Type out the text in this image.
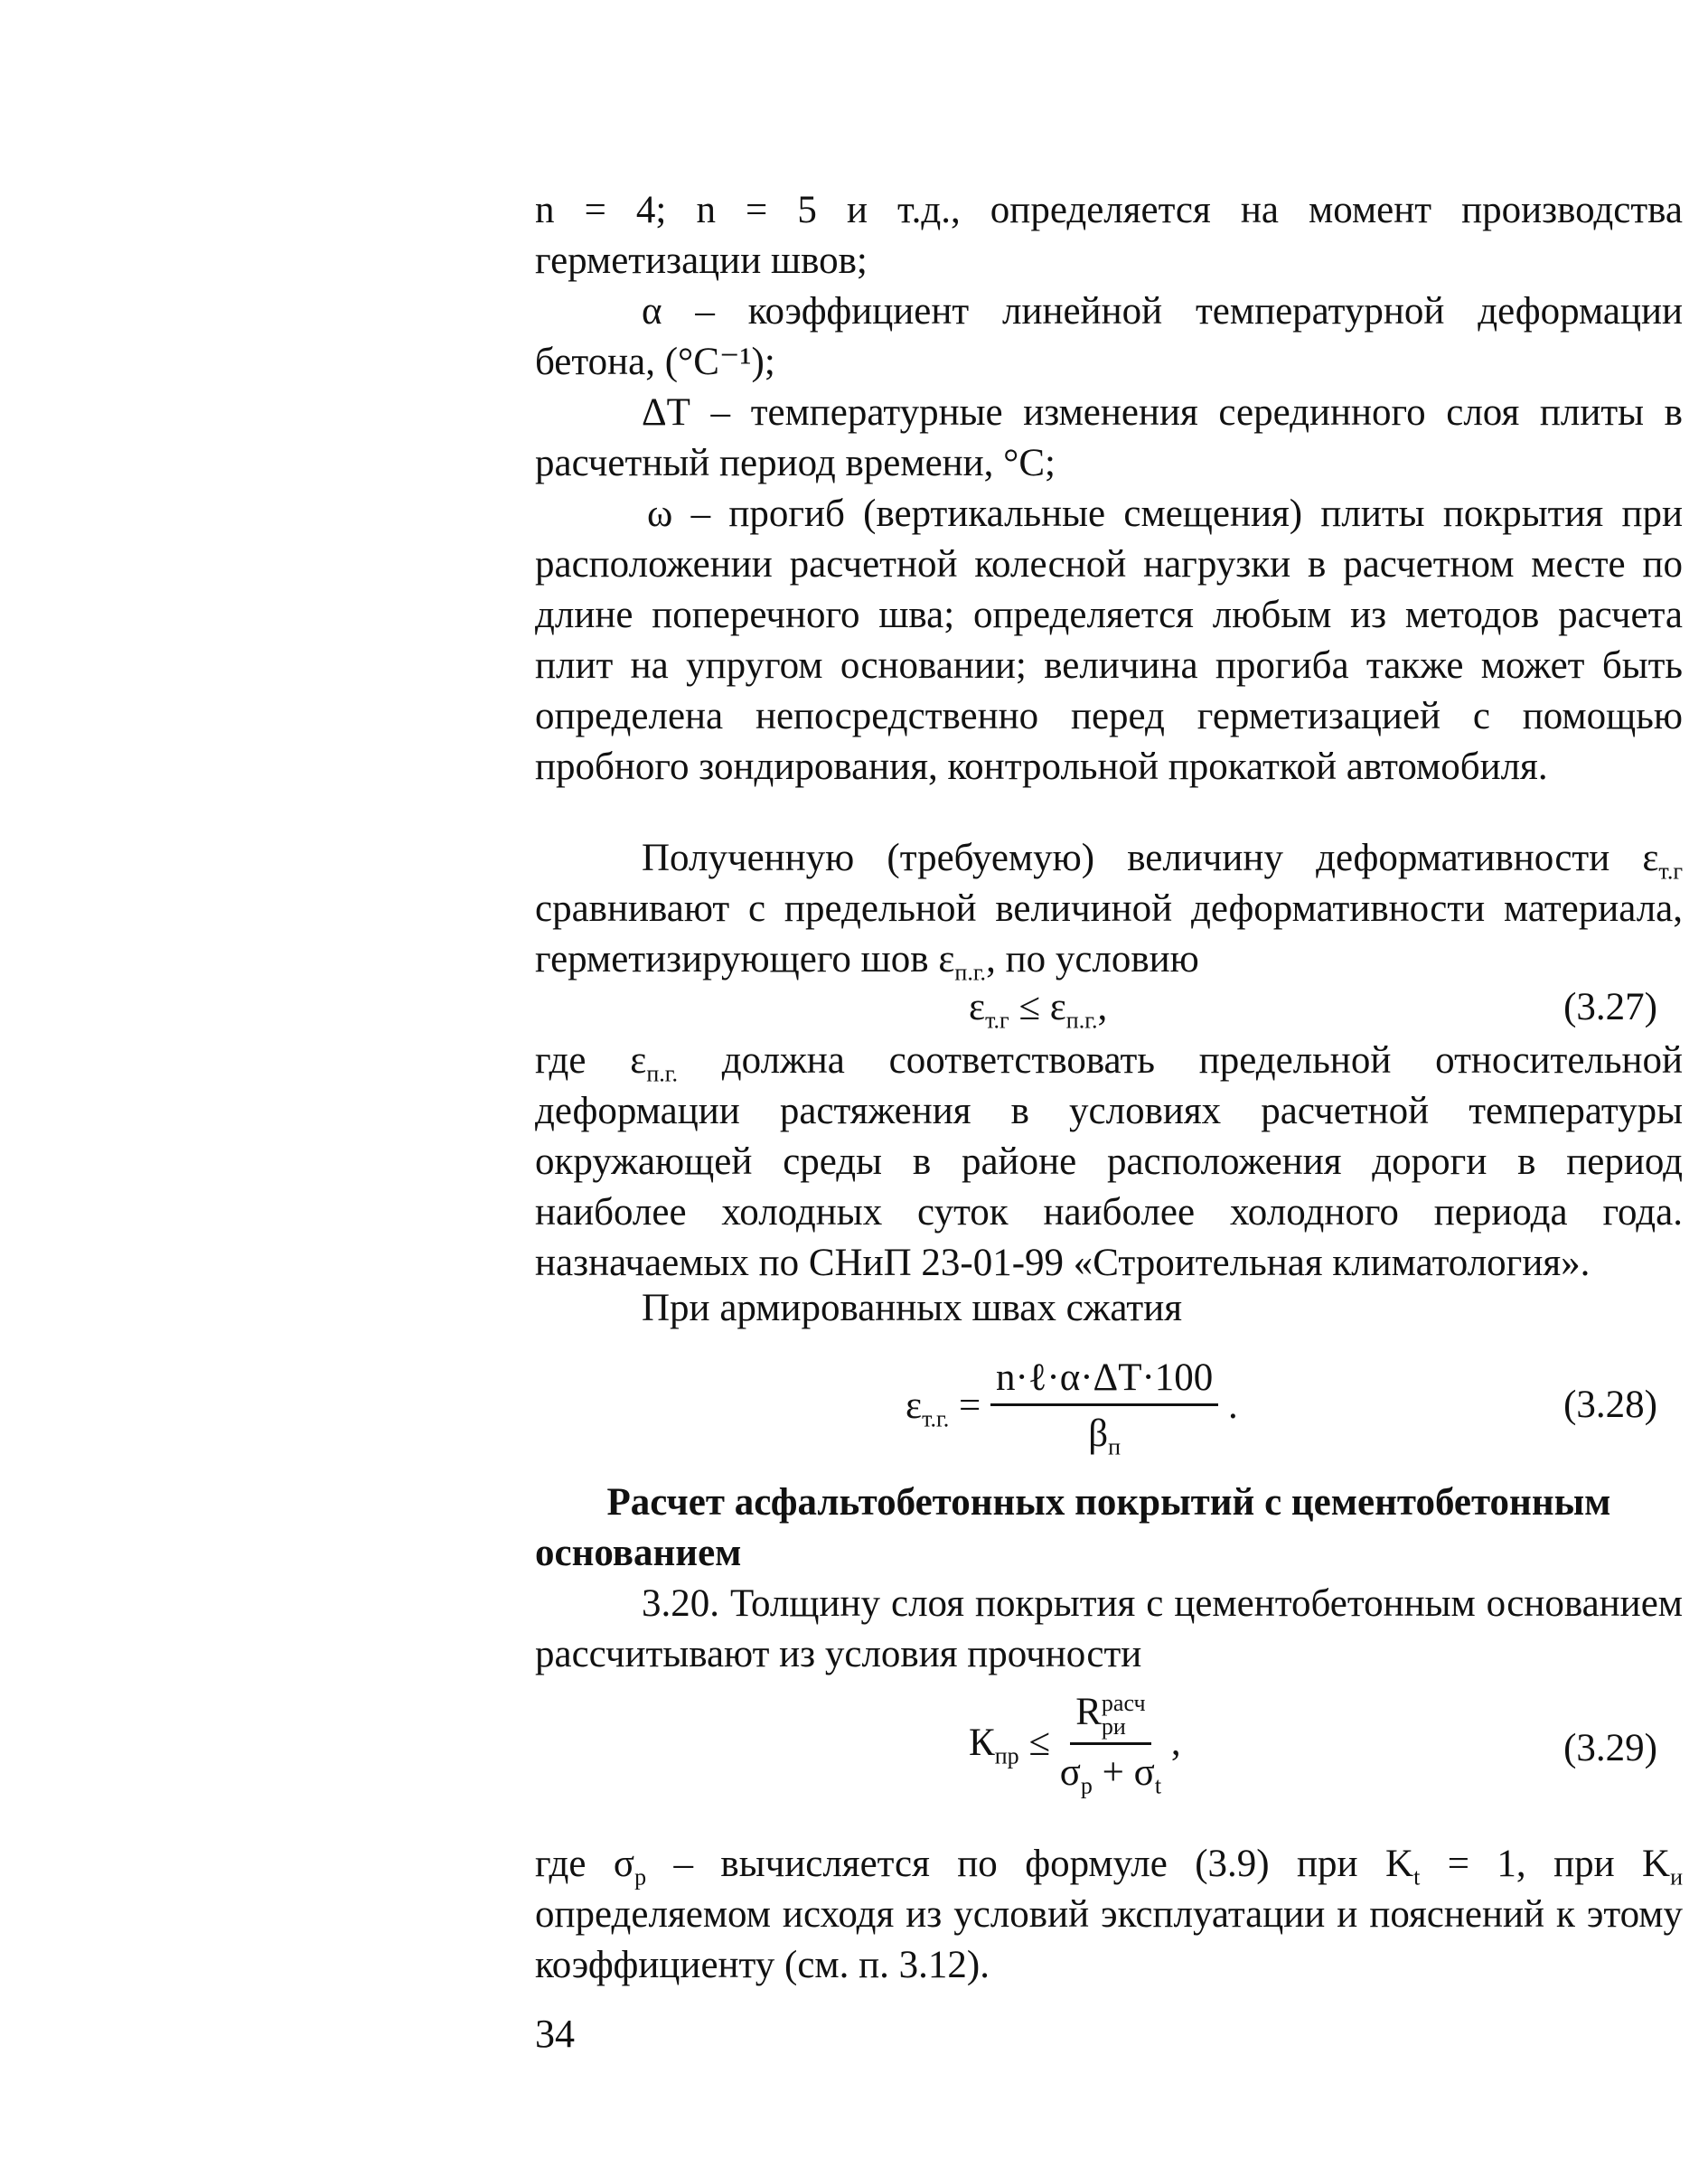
n = 4; n = 5 и т.д., определяется на момент производства герметизации швов;

α – коэффициент линейной температурной деформации бетона, (°С⁻¹);

ΔТ – температурные изменения серединного слоя плиты в расчетный период времени, °С;

ω – прогиб (вертикальные смещения) плиты покрытия при расположении расчетной колесной нагрузки в расчетном месте по длине поперечного шва; определяется любым из методов расчета плит на упругом основании; величина прогиба также может быть определена непосредственно перед герметизацией с помощью пробного зондирования, контрольной прокаткой автомобиля.

Полученную (требуемую) величину деформативности $\varepsilon_{т.г}$ сравнивают с предельной величиной деформативности материала, герметизирующего шов $\varepsilon_{п.г.}$, по условию

$\varepsilon_{т.г} \le \varepsilon_{п.г.}$,	(3.27)

где $\varepsilon_{п.г.}$ должна соответствовать предельной относительной деформации растяжения в условиях расчетной температуры окружающей среды в районе расположения дороги в период наиболее холодных суток наиболее холодного периода года. назначаемых по СНиП 23-01-99 «Строительная климатология».

При армированных швах сжатия

$\varepsilon_{т.г.} = \frac{\text{n·ℓ·α·ΔТ·100}}{\beta_п}$ .	(3.28)

Расчет асфальтобетонных покрытий с цементобетонным основанием

3.20. Толщину слоя покрытия с цементобетонным основанием рассчитывают из условия прочности

$К_{пр} \le R$ расч
ри
$\sigma_р + \sigma_t$ ,	(3.29)

где $\sigma_р$ – вычисляется по формуле (3.9) при $K_t = 1$, при $K_и$ определяемом исходя из условий эксплуатации и пояснений к этому коэффициенту (см. п. 3.12).

34
